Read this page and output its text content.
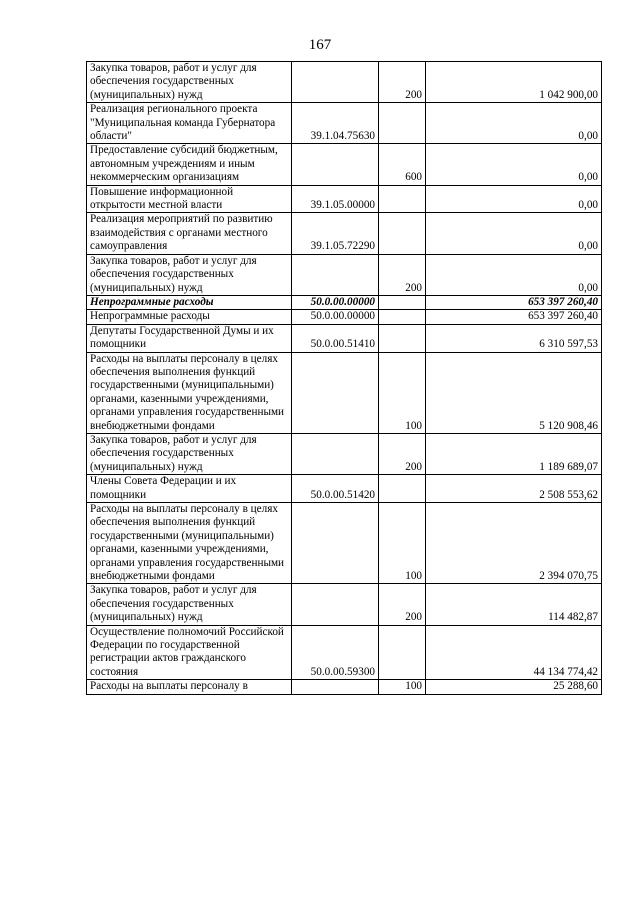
167
Закупка товаров, работ и услуг для обеспечения государственных (муниципальных) нужд		200	1 042 900,00
Реализация регионального проекта "Муниципальная команда Губернатора области"	39.1.04.75630		0,00
Предоставление субсидий бюджетным, автономным учреждениям и иным некоммерческим организациям		600	0,00
Повышение информационной открытости местной власти	39.1.05.00000		0,00
Реализация мероприятий по развитию взаимодействия с органами местного самоуправления	39.1.05.72290		0,00
Закупка товаров, работ и услуг для обеспечения государственных (муниципальных) нужд		200	0,00
Непрограммные расходы	50.0.00.00000		653 397 260,40
Непрограммные расходы	50.0.00.00000		653 397 260,40
Депутаты Государственной Думы и их помощники	50.0.00.51410		6 310 597,53
Расходы на выплаты персоналу в целях обеспечения выполнения функций государственными (муниципальными) органами, казенными учреждениями, органами управления государственными внебюджетными фондами		100	5 120 908,46
Закупка товаров, работ и услуг для обеспечения государственных (муниципальных) нужд		200	1 189 689,07
Члены Совета Федерации и их помощники	50.0.00.51420		2 508 553,62
Расходы на выплаты персоналу в целях обеспечения выполнения функций государственными (муниципальными) органами, казенными учреждениями, органами управления государственными внебюджетными фондами		100	2 394 070,75
Закупка товаров, работ и услуг для обеспечения государственных (муниципальных) нужд		200	114 482,87
Осуществление полномочий Российской Федерации по государственной регистрации актов гражданского состояния	50.0.00.59300		44 134 774,42
Расходы на выплаты персоналу в		100	25 288,60
